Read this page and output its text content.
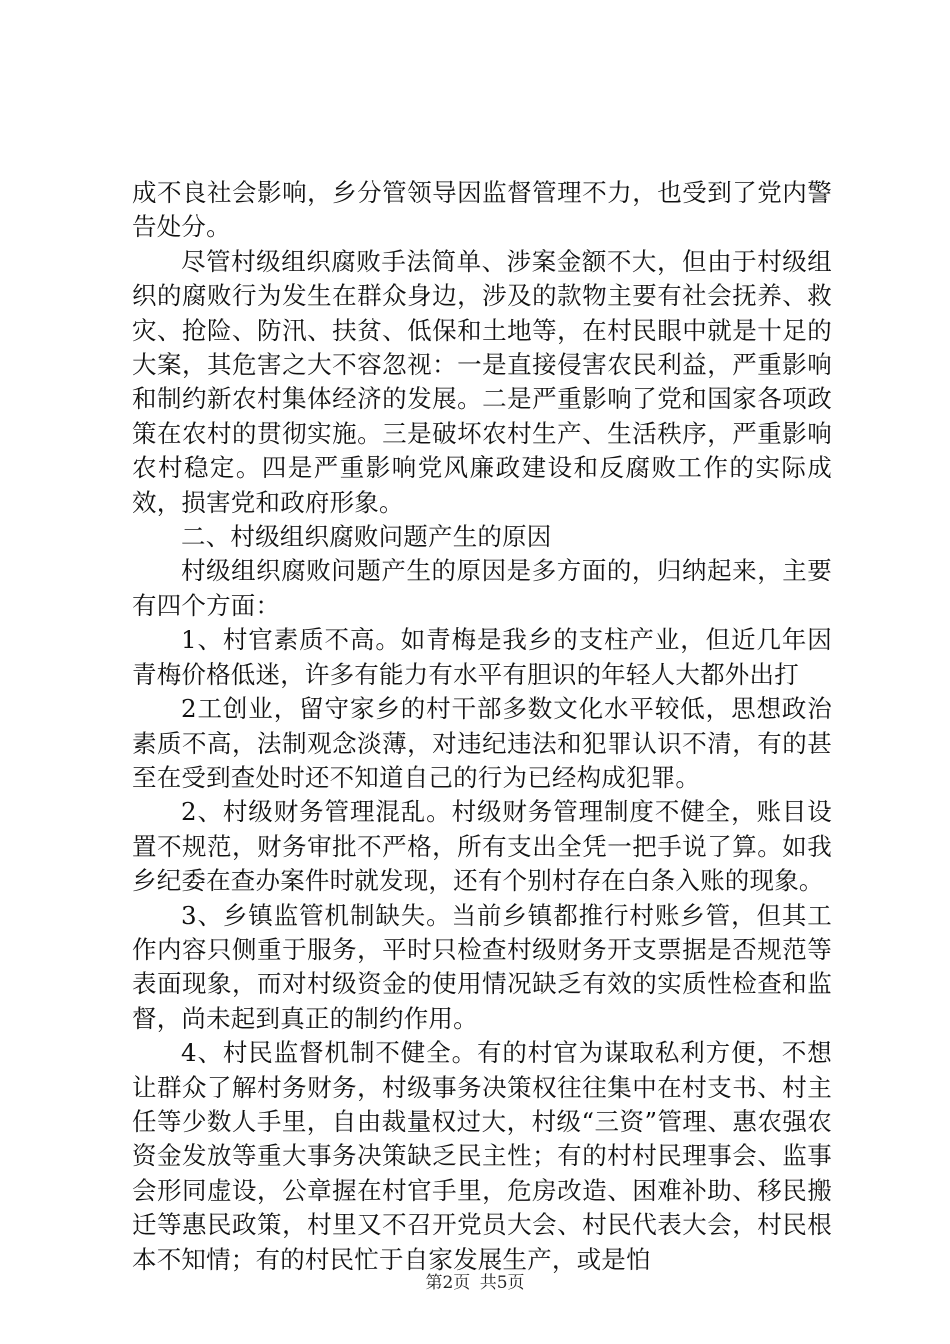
成不良社会影响，乡分管领导因监督管理不力，也受到了党内警告处分。

尽管村级组织腐败手法简单、涉案金额不大，但由于村级组织的腐败行为发生在群众身边，涉及的款物主要有社会抚养、救灾、抢险、防汛、扶贫、低保和土地等，在村民眼中就是十足的大案，其危害之大不容忽视：一是直接侵害农民利益，严重影响和制约新农村集体经济的发展。二是严重影响了党和国家各项政策在农村的贯彻实施。三是破坏农村生产、生活秩序，严重影响农村稳定。四是严重影响党风廉政建设和反腐败工作的实际成效，损害党和政府形象。

二、村级组织腐败问题产生的原因

村级组织腐败问题产生的原因是多方面的，归纳起来，主要有四个方面：

1、村官素质不高。如青梅是我乡的支柱产业，但近几年因青梅价格低迷，许多有能力有水平有胆识的年轻人大都外出打

2工创业，留守家乡的村干部多数文化水平较低，思想政治素质不高，法制观念淡薄，对违纪违法和犯罪认识不清，有的甚至在受到查处时还不知道自己的行为已经构成犯罪。

2、村级财务管理混乱。村级财务管理制度不健全，账目设置不规范，财务审批不严格，所有支出全凭一把手说了算。如我乡纪委在查办案件时就发现，还有个别村存在白条入账的现象。

3、乡镇监管机制缺失。当前乡镇都推行村账乡管，但其工作内容只侧重于服务，平时只检查村级财务开支票据是否规范等表面现象，而对村级资金的使用情况缺乏有效的实质性检查和监督，尚未起到真正的制约作用。

4、村民监督机制不健全。有的村官为谋取私利方便，不想让群众了解村务财务，村级事务决策权往往集中在村支书、村主任等少数人手里，自由裁量权过大，村级“三资”管理、惠农强农资金发放等重大事务决策缺乏民主性；有的村村民理事会、监事会形同虚设，公章握在村官手里，危房改造、困难补助、移民搬迁等惠民政策，村里又不召开党员大会、村民代表大会，村民根本不知情；有的村民忙于自家发展生产，或是怕

第2页 共5页
